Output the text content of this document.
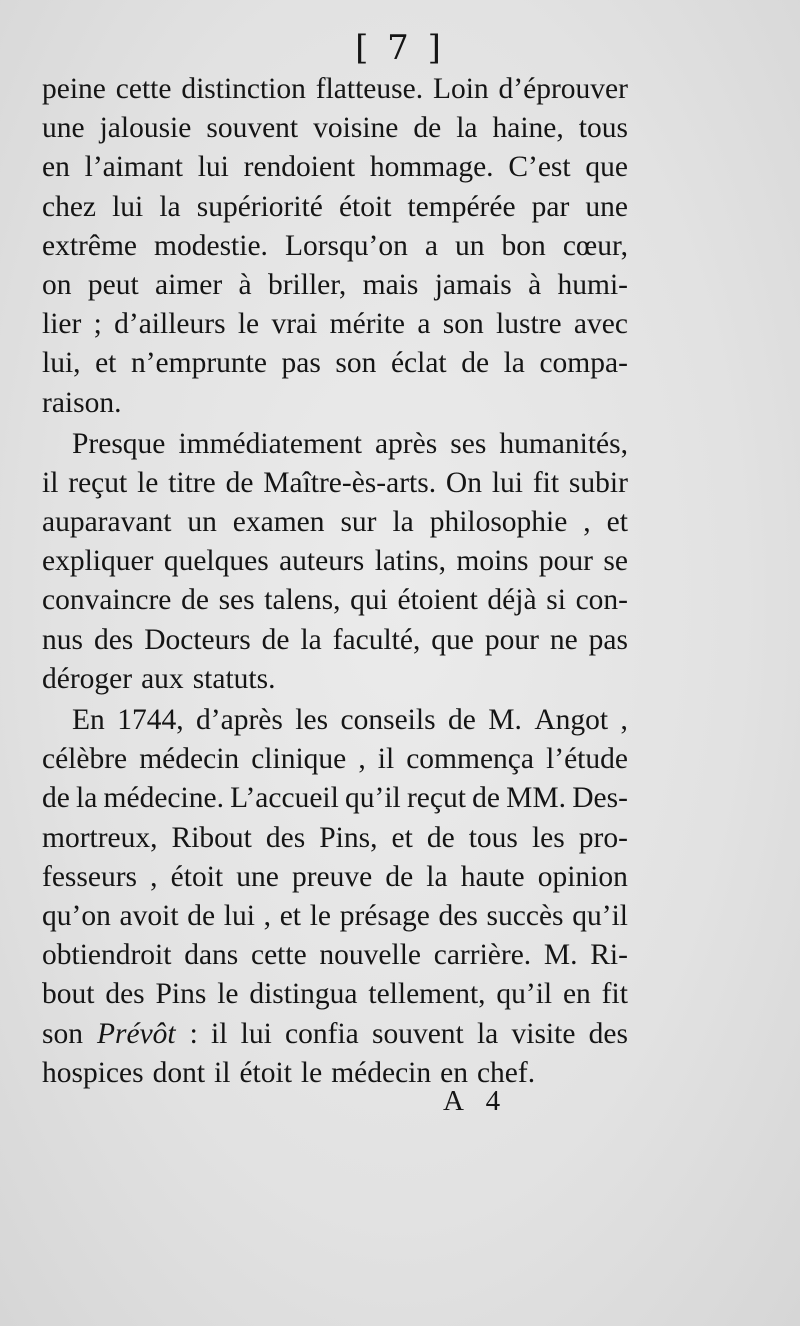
[ 7 ]
peine cette distinction flatteuse. Loin d’éprouver
une jalousie souvent voisine de la haine, tous
en l’aimant lui rendoient hommage. C’est que
chez lui la supériorité étoit tempérée par une
extrême modestie. Lorsqu’on a un bon cœur,
on peut aimer à briller, mais jamais à humi-
lier ; d’ailleurs le vrai mérite a son lustre avec
lui, et n’emprunte pas son éclat de la compa-
raison.
Presque immédiatement après ses humanités,
il reçut le titre de Maître-ès-arts. On lui fit subir
auparavant un examen sur la philosophie , et
expliquer quelques auteurs latins, moins pour se
convaincre de ses talens, qui étoient déjà si con-
nus des Docteurs de la faculté, que pour ne pas
déroger aux statuts.
En 1744, d’après les conseils de M. Angot ,
célèbre médecin clinique , il commença l’étude
de la médecine. L’accueil qu’il reçut de MM. Des-
mortreux, Ribout des Pins, et de tous les pro-
fesseurs , étoit une preuve de la haute opinion
qu’on avoit de lui , et le présage des succès qu’il
obtiendroit dans cette nouvelle carrière. M. Ri-
bout des Pins le distingua tellement, qu’il en fit
son Prévôt : il lui confia souvent la visite des
hospices dont il étoit le médecin en chef.
A 4
